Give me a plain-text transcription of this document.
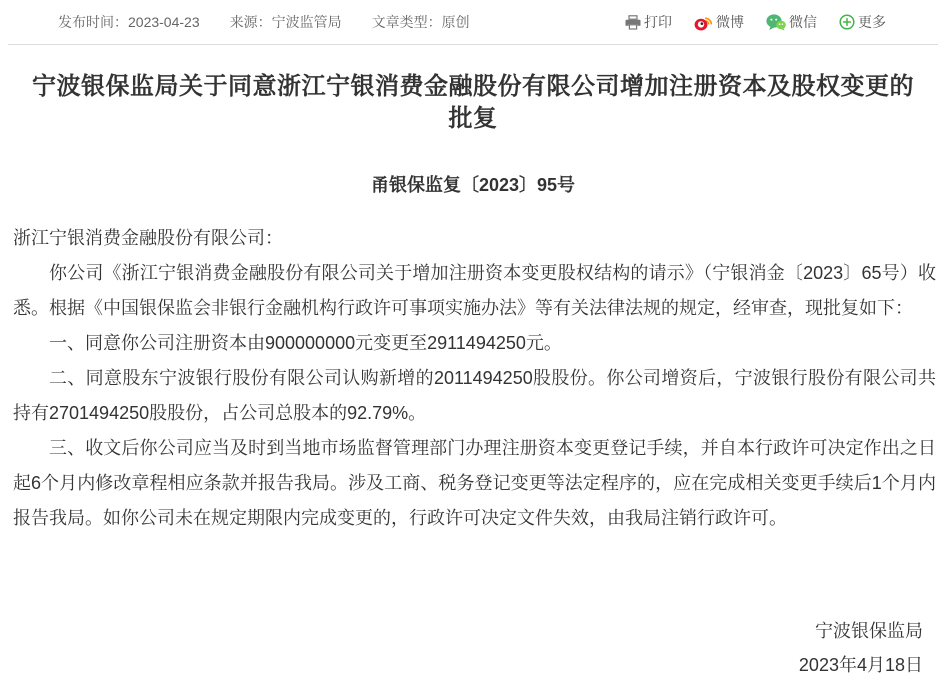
发布时间：2023-04-23 来源：宁波监管局 文章类型：原创	打印	微博	微信	更多
宁波银保监局关于同意浙江宁银消费金融股份有限公司增加注册资本及股权变更的批复
甬银保监复〔2023〕95号

浙江宁银消费金融股份有限公司：

你公司《浙江宁银消费金融股份有限公司关于增加注册资本变更股权结构的请示》（宁银消金〔2023〕65号）收悉。根据《中国银保监会非银行金融机构行政许可事项实施办法》等有关法律法规的规定，经审查，现批复如下：

一、同意你公司注册资本由900000000元变更至2911494250元。

二、同意股东宁波银行股份有限公司认购新增的2011494250股股份。你公司增资后，宁波银行股份有限公司共持有2701494250股股份，占公司总股本的92.79%。

三、收文后你公司应当及时到当地市场监督管理部门办理注册资本变更登记手续，并自本行政许可决定作出之日起6个月内修改章程相应条款并报告我局。涉及工商、税务登记变更等法定程序的，应在完成相关变更手续后1个月内报告我局。如你公司未在规定期限内完成变更的，行政许可决定文件失效，由我局注销行政许可。

宁波银保监局
2023年4月18日
